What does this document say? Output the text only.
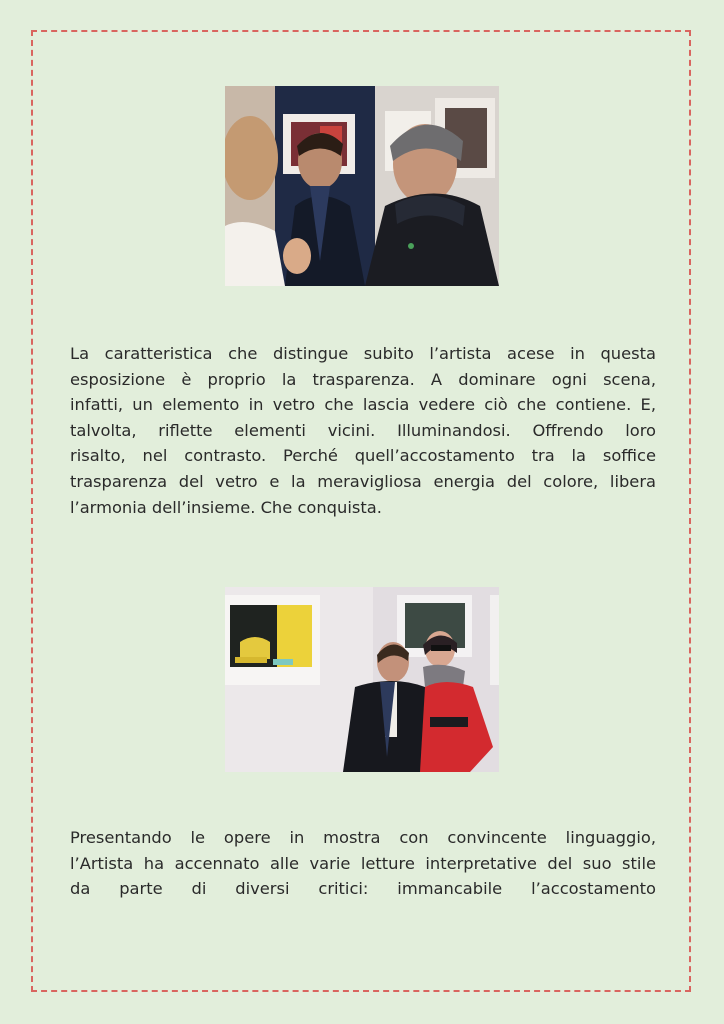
La caratteristica che distingue subito l’artista acese in questa
esposizione è proprio la trasparenza. A dominare ogni scena,
infatti, un elemento in vetro che lascia vedere ciò che contiene. E,
talvolta, riflette elementi vicini. Illuminandosi. Offrendo loro
risalto, nel contrasto. Perché quell’accostamento tra la soffice
trasparenza del vetro e la meravigliosa energia del colore, libera
l’armonia dell’insieme. Che conquista.

Presentando le opere in mostra con convincente linguaggio,
l’Artista ha accennato alle varie letture interpretative del suo stile
da parte di diversi critici: immancabile l’accostamento
